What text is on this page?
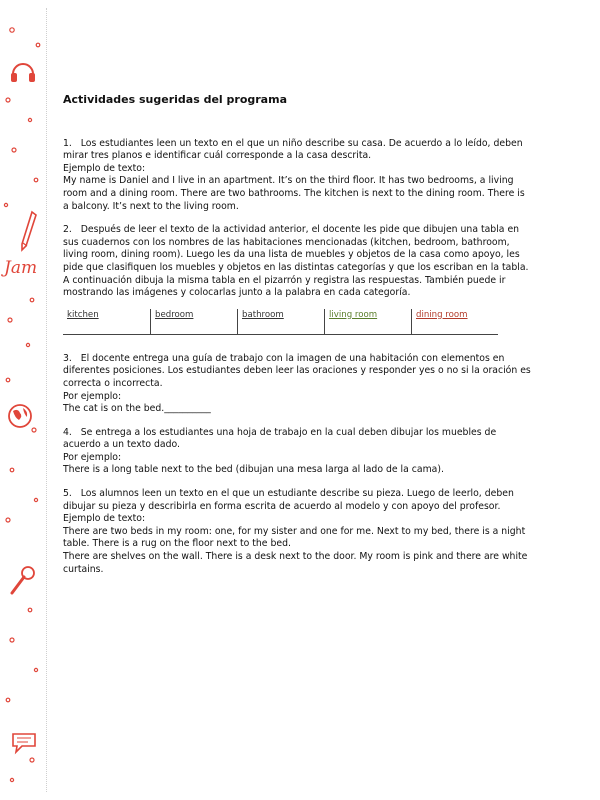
Jam
Actividades sugeridas del programa

1. Los estudiantes leen un texto en el que un niño describe su casa. De acuerdo a lo leído, deben mirar tres planos e identificar cuál corresponde a la casa descrita.

Ejemplo de texto:

My name is Daniel and I live in an apartment. It’s on the third floor. It has two bedrooms, a living room and a dining room. There are two bathrooms. The kitchen is next to the dining room. There is a balcony. It’s next to the living room.

2. Después de leer el texto de la actividad anterior, el docente les pide que dibujen una tabla en sus cuadernos con los nombres de las habitaciones mencionadas (kitchen, bedroom, bathroom, living room, dining room). Luego les da una lista de muebles y objetos de la casa como apoyo, les pide que clasifiquen los muebles y objetos en las distintas categorías y que los escriban en la tabla. A continuación dibuja la misma tabla en el pizarrón y registra las respuestas. También puede ir mostrando las imágenes y colocarlas junto a la palabra en cada categoría.

kitchen	bedroom	bathroom	living room	dining room

3. El docente entrega una guía de trabajo con la imagen de una habitación con elementos en diferentes posiciones. Los estudiantes deben leer las oraciones y responder yes o no si la oración es correcta o incorrecta.

Por ejemplo:

The cat is on the bed.__________

4. Se entrega a los estudiantes una hoja de trabajo en la cual deben dibujar los muebles de acuerdo a un texto dado.

Por ejemplo:

There is a long table next to the bed (dibujan una mesa larga al lado de la cama).

5. Los alumnos leen un texto en el que un estudiante describe su pieza. Luego de leerlo, deben dibujar su pieza y describirla en forma escrita de acuerdo al modelo y con apoyo del profesor.

Ejemplo de texto:

There are two beds in my room: one, for my sister and one for me. Next to my bed, there is a night table. There is a rug on the floor next to the bed.

There are shelves on the wall. There is a desk next to the door. My room is pink and there are white curtains.
